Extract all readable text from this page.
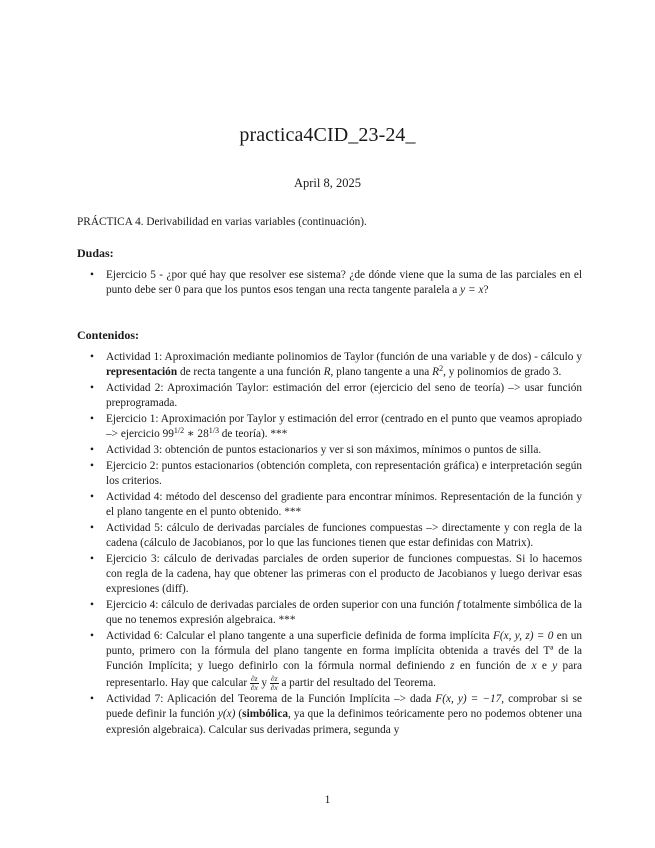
practica4CID_23-24_
April 8, 2025

PRÁCTICA 4. Derivabilidad en varias variables (continuación).

Dudas:
• Ejercicio 5 - ¿por qué hay que resolver ese sistema? ¿de dónde viene que la suma de las parciales en el punto debe ser 0 para que los puntos esos tengan una recta tangente paralela a y = x?
Contenidos:
• Actividad 1: Aproximación mediante polinomios de Taylor (función de una variable y de dos) - cálculo y representación de recta tangente a una función R, plano tangente a una $R^2$, y polinomios de grado 3.
• Actividad 2: Aproximación Taylor: estimación del error (ejercicio del seno de teoría) –> usar función preprogramada.
• Ejercicio 1: Aproximación por Taylor y estimación del error (centrado en el punto que veamos apropiado –> ejercicio $99^{1/2}$ ∗ $28^{1/3}$ de teoría). ***
• Actividad 3: obtención de puntos estacionarios y ver si son máximos, mínimos o puntos de silla.
• Ejercicio 2: puntos estacionarios (obtención completa, con representación gráfica) e interpretación según los criterios.
• Actividad 4: método del descenso del gradiente para encontrar mínimos. Representación de la función y el plano tangente en el punto obtenido. ***
• Actividad 5: cálculo de derivadas parciales de funciones compuestas –> directamente y con regla de la cadena (cálculo de Jacobianos, por lo que las funciones tienen que estar definidas con Matrix).
• Ejercicio 3: cálculo de derivadas parciales de orden superior de funciones compuestas. Si lo hacemos con regla de la cadena, hay que obtener las primeras con el producto de Jacobianos y luego derivar esas expresiones (diff).
• Ejercicio 4: cálculo de derivadas parciales de orden superior con una función f totalmente simbólica de la que no tenemos expresión algebraica. ***
• Actividad 6: Calcular el plano tangente a una superficie definida de forma implícita F(x, y, z) = 0 en un punto, primero con la fórmula del plano tangente en forma implícita obtenida a través del Tª de la Función Implícita; y luego definirlo con la fórmula normal definiendo z en función de x e y para representarlo. Hay que calcular $\frac{\partial z}{\partial x}$ y $\frac{\partial z}{\partial x}$ a partir del resultado del Teorema.
• Actividad 7: Aplicación del Teorema de la Función Implícita –> dada F(x, y) = −17, comprobar si se puede definir la función y(x) (simbólica, ya que la definimos teóricamente pero no podemos obtener una expresión algebraica). Calcular sus derivadas primera, segunda y
1
